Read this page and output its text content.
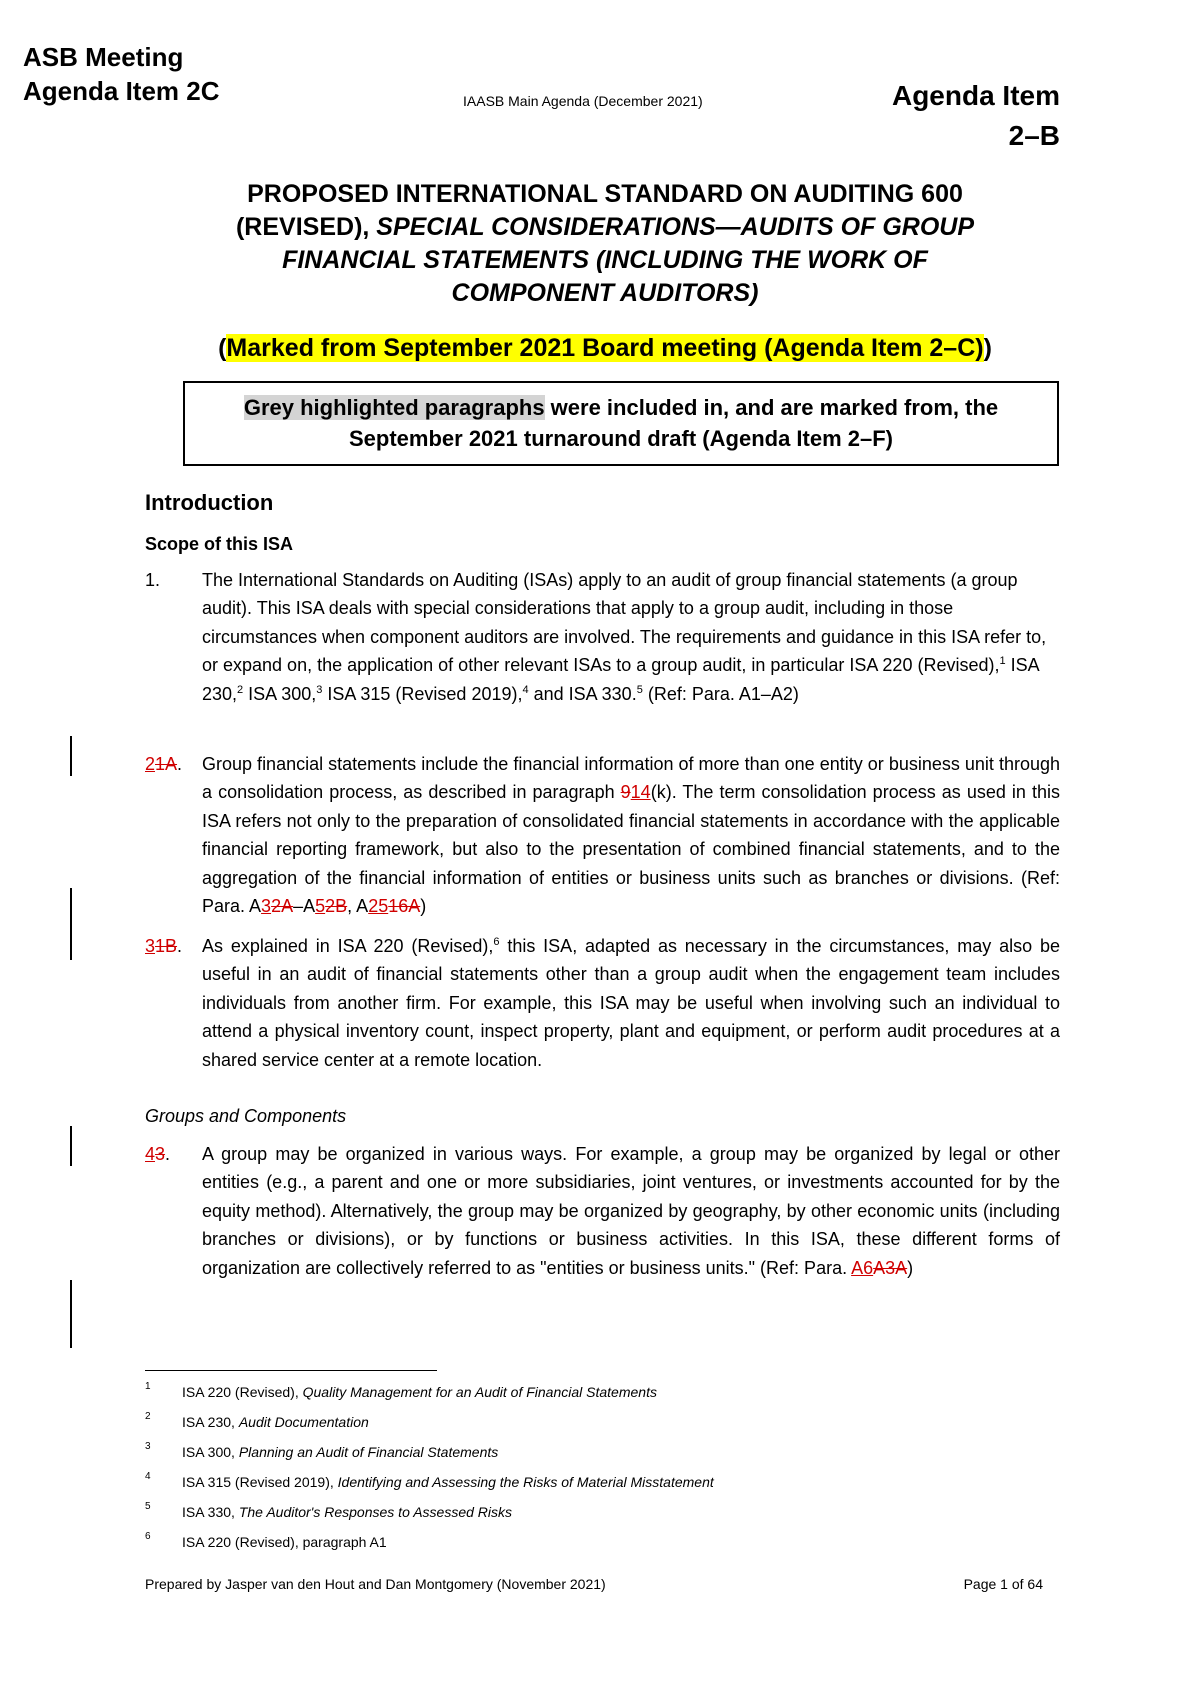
ASB Meeting
Agenda Item 2C	IAASB Main Agenda (December 2021)	Agenda Item
2–B
PROPOSED INTERNATIONAL STANDARD ON AUDITING 600
(REVISED), SPECIAL CONSIDERATIONS—AUDITS OF GROUP
FINANCIAL STATEMENTS (INCLUDING THE WORK OF
COMPONENT AUDITORS)
(Marked from September 2021 Board meeting (Agenda Item 2–C))
Grey highlighted paragraphs were included in, and are marked from, the
September 2021 turnaround draft (Agenda Item 2–F)
Introduction
Scope of this ISA
1. The International Standards on Auditing (ISAs) apply to an audit of group financial statements (a group audit). This ISA deals with special considerations that apply to a group audit, including in those circumstances when component auditors are involved. The requirements and guidance in this ISA refer to, or expand on, the application of other relevant ISAs to a group audit, in particular ISA 220 (Revised),$^1$ ISA 230,$^2$ ISA 300,$^3$ ISA 315 (Revised 2019),$^4$ and ISA 330.$^5$ (Ref: Para. A1–A2)
21A. Group financial statements include the financial information of more than one entity or business unit through a consolidation process, as described in paragraph 914(k). The term consolidation process as used in this ISA refers not only to the preparation of consolidated financial statements in accordance with the applicable financial reporting framework, but also to the presentation of combined financial statements, and to the aggregation of the financial information of entities or business units such as branches or divisions. (Ref: Para. A32A–A52B, A2516A)
31B. As explained in ISA 220 (Revised),$^6$ this ISA, adapted as necessary in the circumstances, may also be useful in an audit of financial statements other than a group audit when the engagement team includes individuals from another firm. For example, this ISA may be useful when involving such an individual to attend a physical inventory count, inspect property, plant and equipment, or perform audit procedures at a shared service center at a remote location.
Groups and Components
43. A group may be organized in various ways. For example, a group may be organized by legal or other entities (e.g., a parent and one or more subsidiaries, joint ventures, or investments accounted for by the equity method). Alternatively, the group may be organized by geography, by other economic units (including branches or divisions), or by functions or business activities. In this ISA, these different forms of organization are collectively referred to as "entities or business units." (Ref: Para. A6A3A)
1 ISA 220 (Revised), Quality Management for an Audit of Financial Statements
2 ISA 230, Audit Documentation
3 ISA 300, Planning an Audit of Financial Statements
4 ISA 315 (Revised 2019), Identifying and Assessing the Risks of Material Misstatement
5 ISA 330, The Auditor's Responses to Assessed Risks
6 ISA 220 (Revised), paragraph A1
Prepared by Jasper van den Hout and Dan Montgomery (November 2021)	Page 1 of 64
